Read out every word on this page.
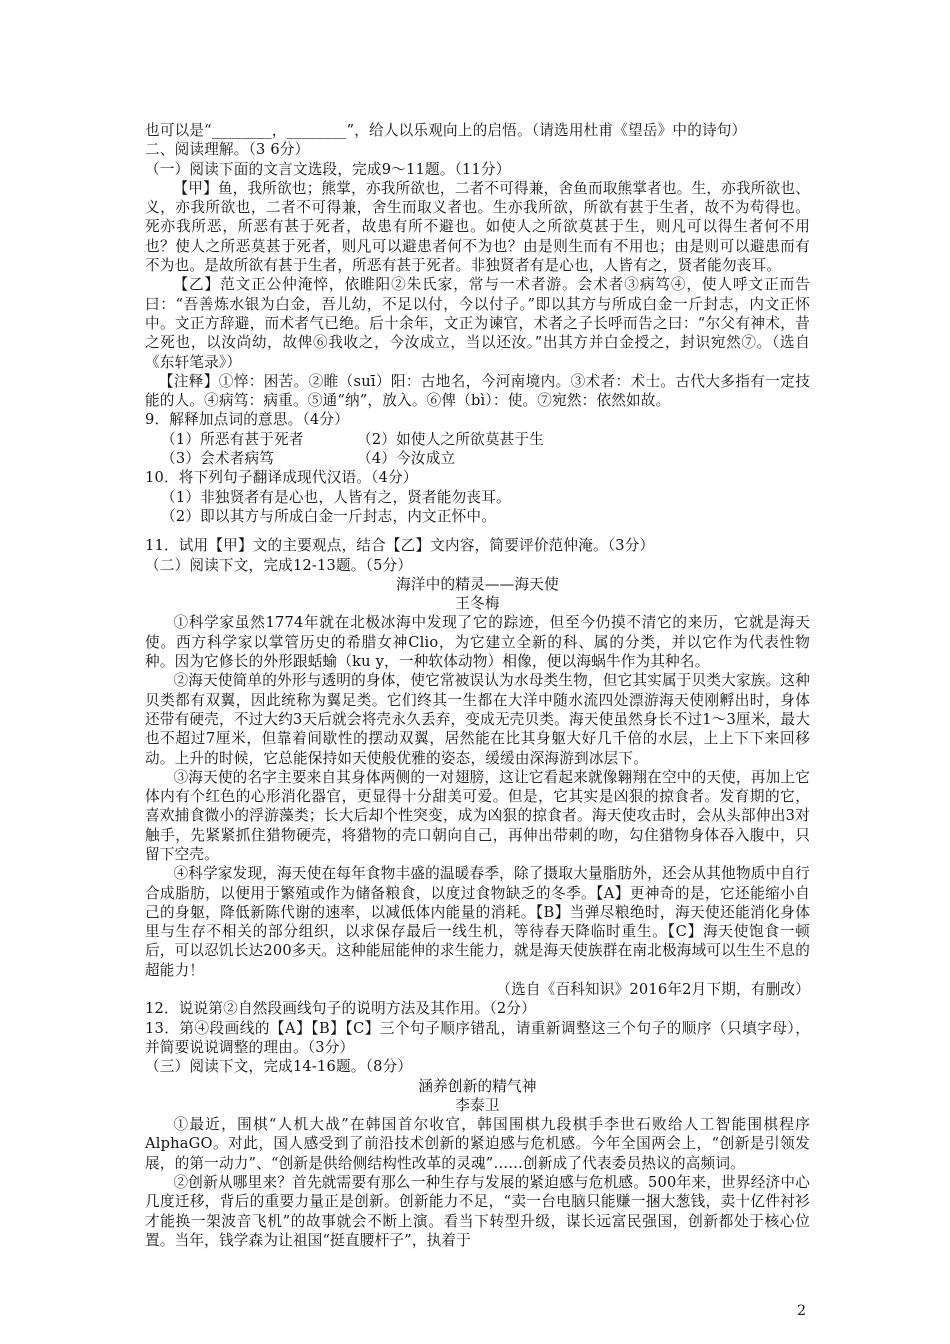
也可以是“________，________”，给人以乐观向上的启悟。（请选用杜甫《望岳》中的诗句）

二、阅读理解。（3 6分）

（一）阅读下面的文言文选段，完成9～11题。（11分）

【甲】鱼，我所欲也；熊掌，亦我所欲也，二者不可得兼，舍鱼而取熊掌者也。生，亦我所欲也、义，亦我所欲也，二者不可得兼，舍生而取义者也。生亦我所欲，所欲有甚于生者，故不为苟得也。死亦我所恶，所恶有甚于死者，故患有所不避也。如使人之所欲莫甚于生，则凡可以得生者何不用也？使人之所恶莫甚于死者，则凡可以避患者何不为也？由是则生而有不用也；由是则可以避患而有不为也。是故所欲有甚于生者，所恶有甚于死者。非独贤者有是心也，人皆有之，贤者能勿丧耳。

【乙】范文正公仲淹悴，依睢阳②朱氏家，常与一术者游。会术者③病笃④，使人呼文正而告曰：“吾善炼水银为白金，吾儿幼，不足以付，今以付子。”即以其方与所成白金一斤封志，内文正怀中。文正方辞避，而术者气已绝。后十余年，文正为谏官，术者之子长呼而告之曰：“尔父有神术，昔之死也，以汝尚幼，故俾⑥我收之，今汝成立，当以还汝。”出其方并白金授之，封识宛然⑦。（选自《东轩笔录》）

【注释】①悴：困苦。②睢（suī）阳：古地名，今河南境内。③术者：术士。古代大多指有一定技能的人。④病笃：病重。⑤通“纳”，放入。⑥俾（bì）：使。⑦宛然：依然如故。

9．解释加点词的意思。（4分）

（1）所恶有甚于死者	（2）如使人之所欲莫甚于生
（3）会术者病笃	（4）今汝成立

10．将下列句子翻译成现代汉语。（4分）

（1）非独贤者有是心也，人皆有之，贤者能勿丧耳。

（2）即以其方与所成白金一斤封志，内文正怀中。

11．试用【甲】文的主要观点，结合【乙】文内容，简要评价范仲淹。（3分）

（二）阅读下文，完成12-13题。（5分）

海洋中的精灵——海天使

王冬梅

①科学家虽然1774年就在北极冰海中发现了它的踪迹，但至今仍摸不清它的来历，它就是海天使。西方科学家以掌管历史的希腊女神Clio，为它建立全新的科、属的分类，并以它作为代表性物种。因为它修长的外形跟蛞蝓（ku y，一种软体动物）相像，便以海蜗牛作为其种名。

②海天使简单的外形与透明的身体，使它常被误认为水母类生物，但它其实属于贝类大家族。这种贝类都有双翼，因此统称为翼足类。它们终其一生都在大洋中随水流四处漂游海天使刚孵出时，身体还带有硬壳，不过大约3天后就会将壳永久丢弃，变成无壳贝类。海天使虽然身长不过1～3厘米，最大也不超过7厘米，但靠着间歇性的摆动双翼，居然能在比其身躯大好几千倍的水层，上上下下来回移动。上升的时候，它总能保持如天使般优雅的姿态，缓缓由深海游到冰层下。

③海天使的名字主要来自其身体两侧的一对翅膀，这让它看起来就像翱翔在空中的天使，再加上它体内有个红色的心形消化器官，更显得十分甜美可爱。但是，它其实是凶狠的掠食者。发育期的它，喜欢捕食微小的浮游藻类；长大后却个性突变，成为凶狠的掠食者。海天使攻击时，会从头部伸出3对触手，先紧紧抓住猎物硬壳，将猎物的壳口朝向自己，再伸出带刺的吻，勾住猎物身体吞入腹中，只留下空壳。

④科学家发现，海天使在每年食物丰盛的温暖春季，除了摄取大量脂肪外，还会从其他物质中自行合成脂肪，以便用于繁殖或作为储备粮食，以度过食物缺乏的冬季。【A】更神奇的是，它还能缩小自己的身躯，降低新陈代谢的速率，以减低体内能量的消耗。【B】当弹尽粮绝时，海天使还能消化身体里与生存不相关的部分组织，以求保存最后一线生机，等待春天降临时重生。【C】海天使饱食一顿后，可以忍饥长达200多天。这种能屈能伸的求生能力，就是海天使族群在南北极海域可以生生不息的超能力！

（选自《百科知识》2016年2月下期，有删改）

12．说说第②自然段画线句子的说明方法及其作用。（2分）

13．第④段画线的【A】【B】【C】三个句子顺序错乱，请重新调整这三个句子的顺序（只填字母），并简要说说调整的理由。（3分）

（三）阅读下文，完成14-16题。（8分）

涵养创新的精气神

李泰卫

①最近，围棋“人机大战”在韩国首尔收官，韩国围棋九段棋手李世石败给人工智能围棋程序AlphaGO。对此，国人感受到了前沿技术创新的紧迫感与危机感。今年全国两会上，“创新是引领发展，的第一动力”、“创新是供给侧结构性改革的灵魂”……创新成了代表委员热议的高频词。

②创新从哪里来？首先就需要有那么一种生存与发展的紧迫感与危机感。500年来，世界经济中心几度迁移，背后的重要力量正是创新。创新能力不足，“卖一台电脑只能赚一捆大葱钱，卖十亿件衬衫才能换一架波音飞机”的故事就会不断上演。看当下转型升级，谋长远富民强国，创新都处于核心位置。当年，钱学森为让祖国“挺直腰杆子”，执着于

2
